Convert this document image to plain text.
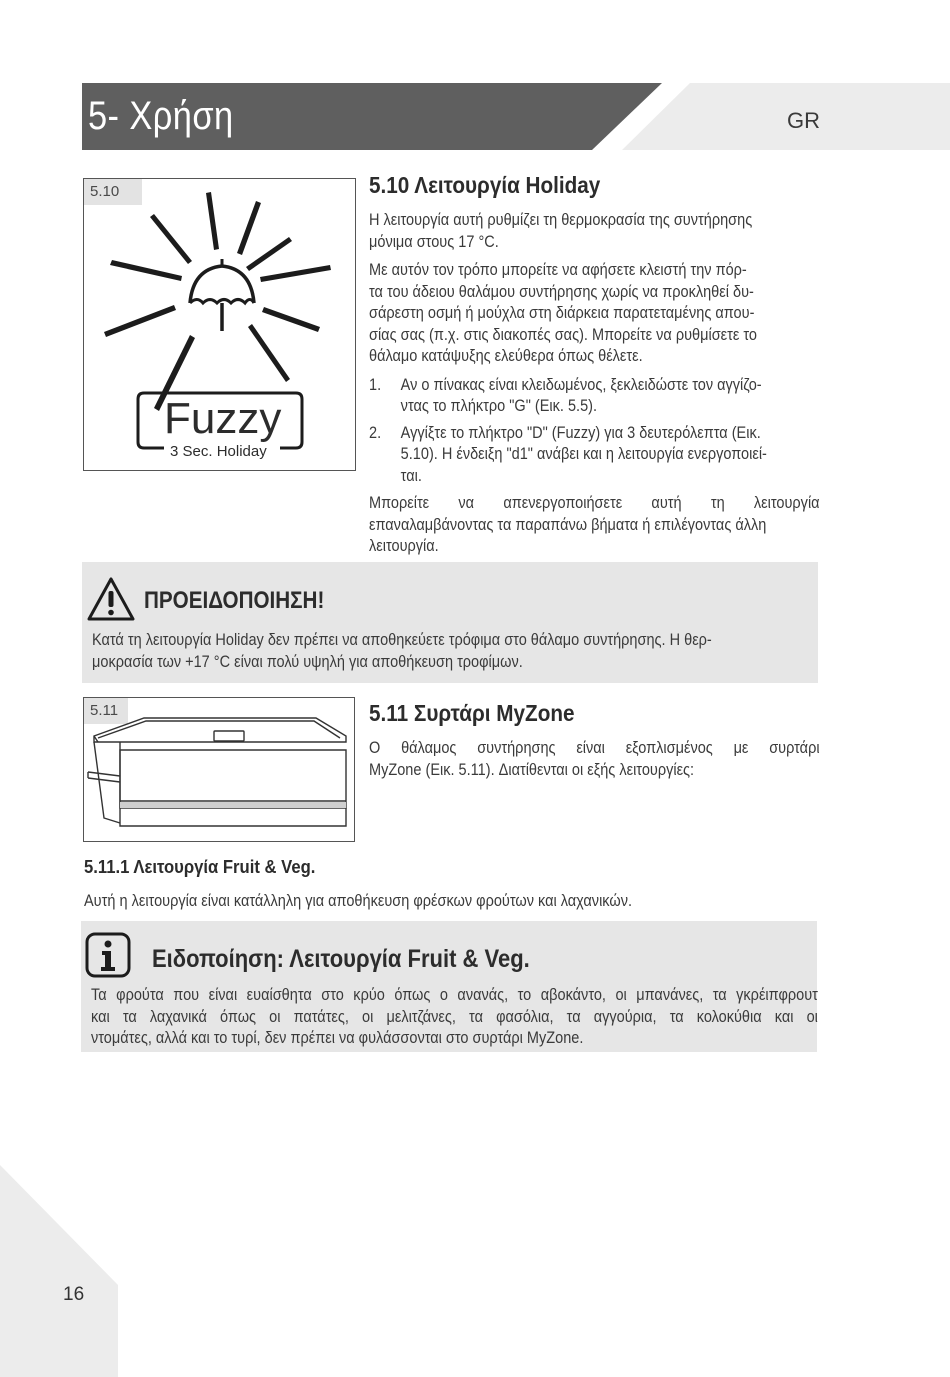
5- Χρήση	GR
5.10
Fuzzy
3 Sec. Holiday
5.10 Λειτουργία Holiday
Η λειτουργία αυτή ρυθμίζει τη θερμοκρασία της συντήρησης
μόνιμα στους 17 °C.
Με αυτόν τον τρόπο μπορείτε να αφήσετε κλειστή την πόρ-
τα του άδειου θαλάμου συντήρησης χωρίς να προκληθεί δυ-
σάρεστη οσμή ή μούχλα στη διάρκεια παρατεταμένης απου-
σίας σας (π.χ. στις διακοπές σας). Μπορείτε να ρυθμίσετε το
θάλαμο κατάψυξης ελεύθερα όπως θέλετε.
1. Αν ο πίνακας είναι κλειδωμένος, ξεκλειδώστε τον αγγίζο-
ντας το πλήκτρο "G" (Εικ. 5.5).
2. Αγγίξτε το πλήκτρο "D" (Fuzzy) για 3 δευτερόλεπτα (Εικ.
5.10). Η ένδειξη "d1" ανάβει και η λειτουργία ενεργοποιεί-
ται.
Μπορείτε να απενεργοποιήσετε αυτή τη λειτουργία
επαναλαμβάνοντας τα παραπάνω βήματα ή επιλέγοντας άλλη
λειτουργία.
ΠΡΟΕΙΔΟΠΟΙΗΣΗ!
Κατά τη λειτουργία Holiday δεν πρέπει να αποθηκεύετε τρόφιμα στο θάλαμο συντήρησης. Η θερ-
μοκρασία των +17 °C είναι πολύ υψηλή για αποθήκευση τροφίμων.
5.11	5.11 Συρτάρι MyZone
Ο θάλαμος συντήρησης είναι εξοπλισμένος με συρτάρι
MyZone (Εικ. 5.11). Διατίθενται οι εξής λειτουργίες:
5.11.1 Λειτουργία Fruit & Veg.
Αυτή η λειτουργία είναι κατάλληλη για αποθήκευση φρέσκων φρούτων και λαχανικών.
Ειδοποίηση: Λειτουργία Fruit & Veg.
Τα φρούτα που είναι ευαίσθητα στο κρύο όπως ο ανανάς, το αβοκάντο, οι μπανάνες, τα γκρέιπφρουτ
και τα λαχανικά όπως οι πατάτες, οι μελιτζάνες, τα φασόλια, τα αγγούρια, τα κολοκύθια και οι
ντομάτες, αλλά και το τυρί, δεν πρέπει να φυλάσσονται στο συρτάρι MyZone.
16
